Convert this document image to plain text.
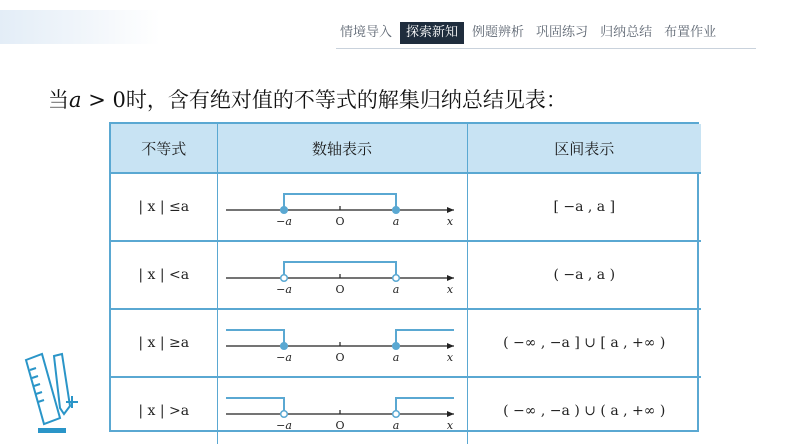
情境导入	探索新知	例题辨析 巩固练习 归纳总结 布置作业
当a > 0时，含有绝对值的不等式的解集归纳总结见表：
不等式	数轴表示	区间表示
| x | ≤a	−a O a x	[ −a , a ]
| x | <a	−a O a x	( −a , a )
| x | ≥a	−a O a x	( −∞ , −a ] ∪ [ a , +∞ )
| x | >a	−a O a x	( −∞ , −a ) ∪ ( a , +∞ )
